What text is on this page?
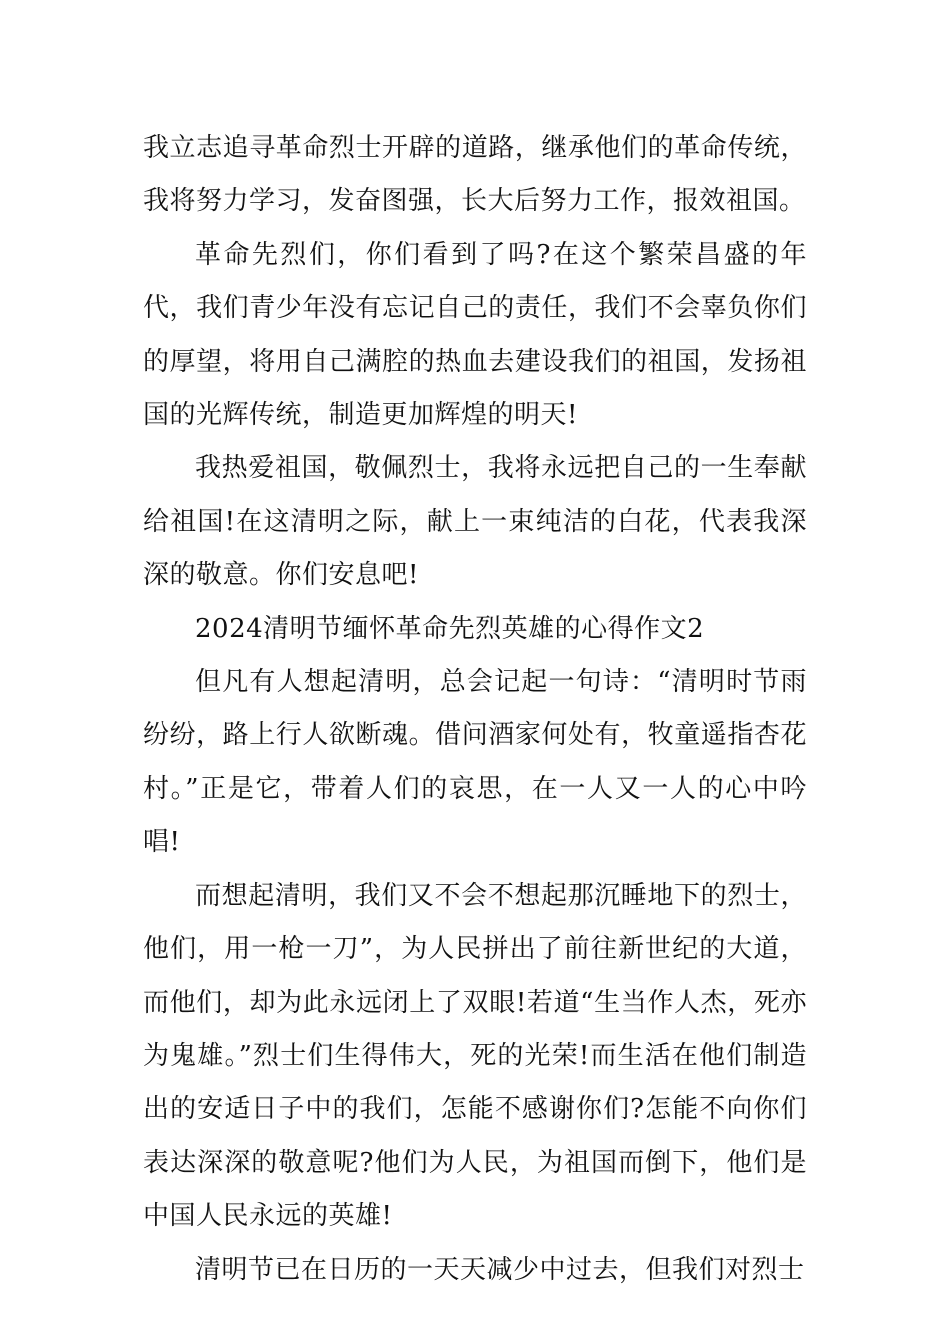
我立志追寻革命烈士开辟的道路，继承他们的革命传统，我将努力学习，发奋图强，长大后努力工作，报效祖国。

革命先烈们，你们看到了吗?在这个繁荣昌盛的年代，我们青少年没有忘记自己的责任，我们不会辜负你们的厚望，将用自己满腔的热血去建设我们的祖国，发扬祖国的光辉传统，制造更加辉煌的明天!

我热爱祖国，敬佩烈士，我将永远把自己的一生奉献给祖国!在这清明之际，献上一束纯洁的白花，代表我深深的敬意。你们安息吧!

2024清明节缅怀革命先烈英雄的心得作文2

但凡有人想起清明，总会记起一句诗：“清明时节雨纷纷，路上行人欲断魂。借问酒家何处有，牧童遥指杏花村。”正是它，带着人们的哀思，在一人又一人的心中吟唱!

而想起清明，我们又不会不想起那沉睡地下的烈士，他们，用一枪一刀”，为人民拼出了前往新世纪的大道，而他们，却为此永远闭上了双眼!若道“生当作人杰，死亦为鬼雄。”烈士们生得伟大，死的光荣!而生活在他们制造出的安适日子中的我们，怎能不感谢你们?怎能不向你们表达深深的敬意呢?他们为人民，为祖国而倒下，他们是中国人民永远的英雄!

清明节已在日历的一天天减少中过去，但我们对烈士
